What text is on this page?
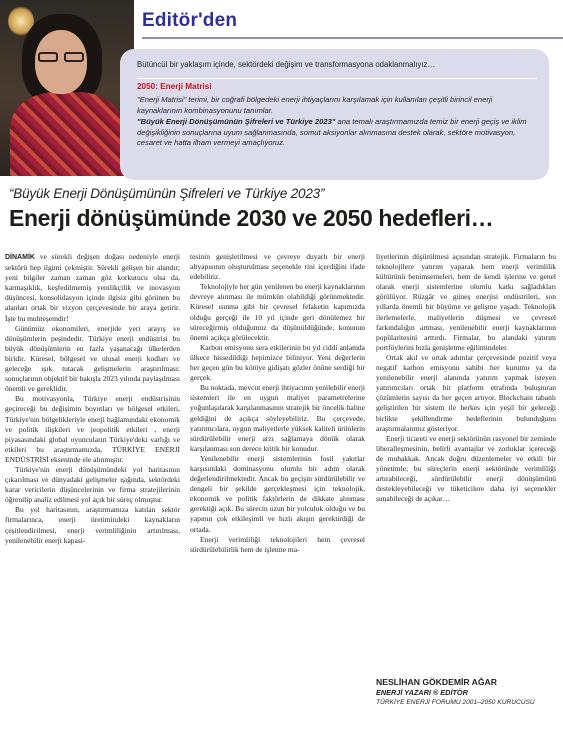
Editör'den
Bütüncül bir yaklaşım içinde, sektördeki değişim ve transformasyona odaklanmalıyız…
2050: Enerji Matrisi
"Enerji Matrisi" terimi, bir coğrafi bölgedeki enerji ihtiyaçlarını karşılamak için kullanılan çeşitli birincil enerji kaynaklarının kombinasyonunu tanımlar.
"Büyük Enerji Dönüşümünün Şifreleri ve Türkiye 2023" ana temalı araştırmamızda temiz bir enerji geçiş ve iklim değişikliğinin sonuçlarına uyum sağlanmasında, somut aksiyonlar alınmasına destek olarak, sektöre motivasyon, cesaret ve hatta ilham vermeyi amaçlıyoruz.
“Büyük Enerji Dönüşümünün Şifreleri ve Türkiye 2023”
Enerji dönüşümünde 2030 ve 2050 hedefleri…

DİNAMİK ve sürekli değişen doğası nedeniyle enerji sektörü hep ilgimi çekmiştir. Sürekli gelişen bir alandır; yeni bilgiler zaman zaman göz korkutucu olsa da, karmaşıklık, keşfedilmemiş yenilikçilik ve inovasyon düşüncesi, konsolidasyon içinde ilgisiz gibi görünen bu alanları ortak bir vizyon çerçevesinde bir araya getirir. İşte bu muhteşemdir!

Günümüz ekonomileri, enerjide yeri arayış ve dönüşümlerin peşindedir. Türkiye enerji endüstrisi bu büyük dönüşümlerin en fazla yaşanacağı ülkelerden biridir. Küresel, bölgesel ve ulusal enerji kodları ve geleceğe ışık tutacak gelişmelerin araştırılması; sonuçlarının objektif bir bakışla 2023 yılında paylaşılması önemli ve gereklidir.

Bu motivasyonla, Türkiye enerji endüstrisinin geçireceği bu değişimin boyutları ve bölgesel etkileri, Türkiye'nin bölgelikleriyle enerji bağlamındaki ekonomik ve politik ilişkileri ve jeopolitik etkileri , enerji piyasasındaki global oyuncuların Türkiye'deki varlığı ve etkileri bu araştırmamızda, TÜRKİYE ENERJİ ENDÜSTRİSİ ekseninde ele alınmıştır.

Türkiye'nin enerji dönüşümündeki yol haritasının çıkarılması ve dünyadaki gelişmeler ışığında, sektördeki karar vericilerin düşüncelerinin ve firma stratejilerinin öğrenilip analiz edilmesi yol açık bir süreç olmuştur.

Bu yol haritasının, araştırmamıza katılan sektör firmalarınca, enerji üretimindeki kaynakların çeşitlendirilmesi, enerji verimliliğinin artırılması, yenilenebilir enerji kapasi-

tesinin genişletilmesi ve çevreye duyarlı bir enerji altyapısının oluşturulması seçenekle rini içerdiğini ifade edebiliriz.

Teknolojiyle her gün yenilenen bu enerji kaynaklarının devreye alınması ile mümkün olabildiği görünmektedir. Küresel ısınma gibi bir çevresel felaketin kapımızda olduğu gerçeği ile 10 yıl içinde geri dönülemez bir süreceğirmiş olduğumuz da düşünüldüğünde, konunun önemi açıkça görülecektir.

Karbon emisyonu sera etkilerinin bu yıl ciddi anlamda ülkece hissedildiği hepimizce biliniyor. Yeni değerlerin her geçen gün bu kötüye gidişatı gözler önüne serdiği bir gerçek.

Bu noktada, mevcut enerji ihtiyacının yenilebilir enerji sistemleri ile en uygun maliyet parametrelerine yoğunlaşılarak karşılanmasının stratejik bir öncelik haline geldiğini de açıkça söyleyebiliriz. Bu çerçevede, yatırımcılara, uygun maliyetlerle yüksek kaliteli ürünlerin sürdürülebilir enerji arzı sağlamaya dönük olarak karşılanması son derece kritik bir konudur.

Yenilenebilir enerji sistemlerinin fosil yakıtlar karşısındaki dominasyonu olumlu bir adım olarak değerlendirilmektedir. Ancak bu geçişin sürdürülebilir ve dengeli bir şekilde gerçekleşmesi için teknolojik, ekonomik ve politik faktörlerin de dikkate alınması gerektiği açık. Bu sürecin uzun bir yolculuk olduğu ve bu yapının çok etkileşimli ve hızlı akışın gerektirdiği de ortada.

Enerji verimliliği teknolojileri hem çevresel sürdürülebilirlik hem de işletme ma-

liyetlerinin düşürülmesi açısından stratejik. Firmaların bu teknolojilere yatırım yaparak hem enerji verimlilik kültürünü benimsemeleri, hem de kendi işlerine ve genel olarak enerji sistemlerine olumlu katkı sağladıkları görülüyor. Rüzgâr ve güneş enerjisi endüstrileri, son yıllarda önemli bir büyüme ve gelişme yaşadı. Teknolojik ilerlemelerle, maliyetlerin düşmesi ve çevresel farkındalığın artması, yenilenebilir enerji kaynaklarının popülaritesini arttırdı. Firmalar, bu alandaki yatırım portföylerini hızla genişletme eğilimindeler.

Ortak akıl ve ortak adımlar çerçevesinde pozitif veya negatif karbon emisyonu sahibi her kurumu ya da yenilenebilir enerji alanında yatırım yapmak isteyen yatırımcıları ortak bir platform etrafında buluşturan çözümlerin sayısı da her geçen artıyor. Blockchain tabanlı geliştirilen bir sistem ile herkes için yeşil bir geleceği birlikte şekillendirme hedeflerinin bulunduğunu araştırmalarımız gösteriyor.

Enerji ticareti ve enerji sektörünün rasyonel bir zeminde liberalleşmesinin, belirli avantajlar ve zorluklar içereceği de muhakkak. Ancak doğru düzenlemeler ve etkili bir yönetimle; bu süreçlerin enerji sektöründe verimliliği artırabileceği, sürdürülebilir enerji dönüşümünü destekleyebileceği ve tüketicilere daha iyi seçenekler sunabileceği de açıkar…

NESLİHAN GÖKDEMİR AĞAR
ENERJİ YAZARI ® EDİTÖR
TÜRKİYE ENERJİ FORUMU 2001–2050 KURUCUSU
